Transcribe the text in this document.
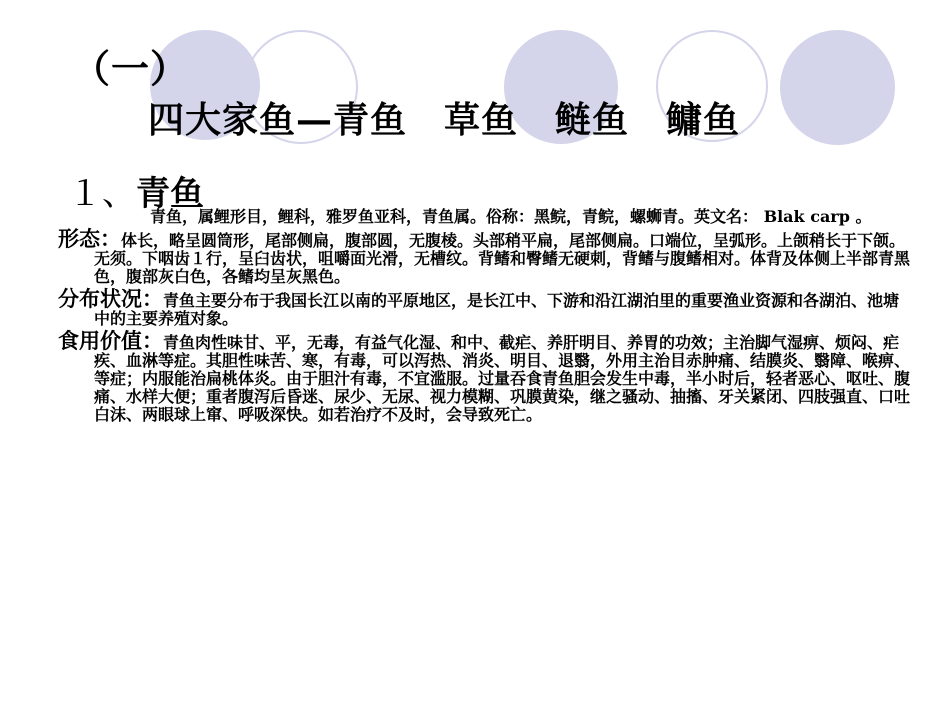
（一）
四大家鱼—青鱼　草鱼　鲢鱼　鳙鱼
１、青鱼

青鱼，属鲤形目，鲤科，雅罗鱼亚科，青鱼属。俗称：黑鲩，青鲩，螺蛳青。英文名： Blak carp 。

形态：体长，略呈圆筒形，尾部侧扁，腹部圆，无腹棱。头部稍平扁，尾部侧扁。口端位，呈弧形。上颌稍长于下颌。无须。下咽齿１行，呈臼齿状，咀嚼面光滑，无槽纹。背鳍和臀鳍无硬刺，背鳍与腹鳍相对。体背及体侧上半部青黑色，腹部灰白色，各鳍均呈灰黑色。

分布状况：青鱼主要分布于我国长江以南的平原地区，是长江中、下游和沿江湖泊里的重要渔业资源和各湖泊、池塘中的主要养殖对象。

食用价值：青鱼肉性味甘、平，无毒，有益气化湿、和中、截疟、养肝明目、养胃的功效；主治脚气湿痹、烦闷、疟疾、血淋等症。其胆性味苦、寒，有毒，可以泻热、消炎、明目、退翳，外用主治目赤肿痛、结膜炎、翳障、喉痹、等症；内服能治扁桃体炎。由于胆汁有毒，不宜滥服。过量吞食青鱼胆会发生中毒，半小时后，轻者恶心、呕吐、腹痛、水样大便；重者腹泻后昏迷、尿少、无尿、视力模糊、巩膜黄染，继之骚动、抽搐、牙关紧闭、四肢强直、口吐白沫、两眼球上窜、呼吸深快。如若治疗不及时，会导致死亡。
